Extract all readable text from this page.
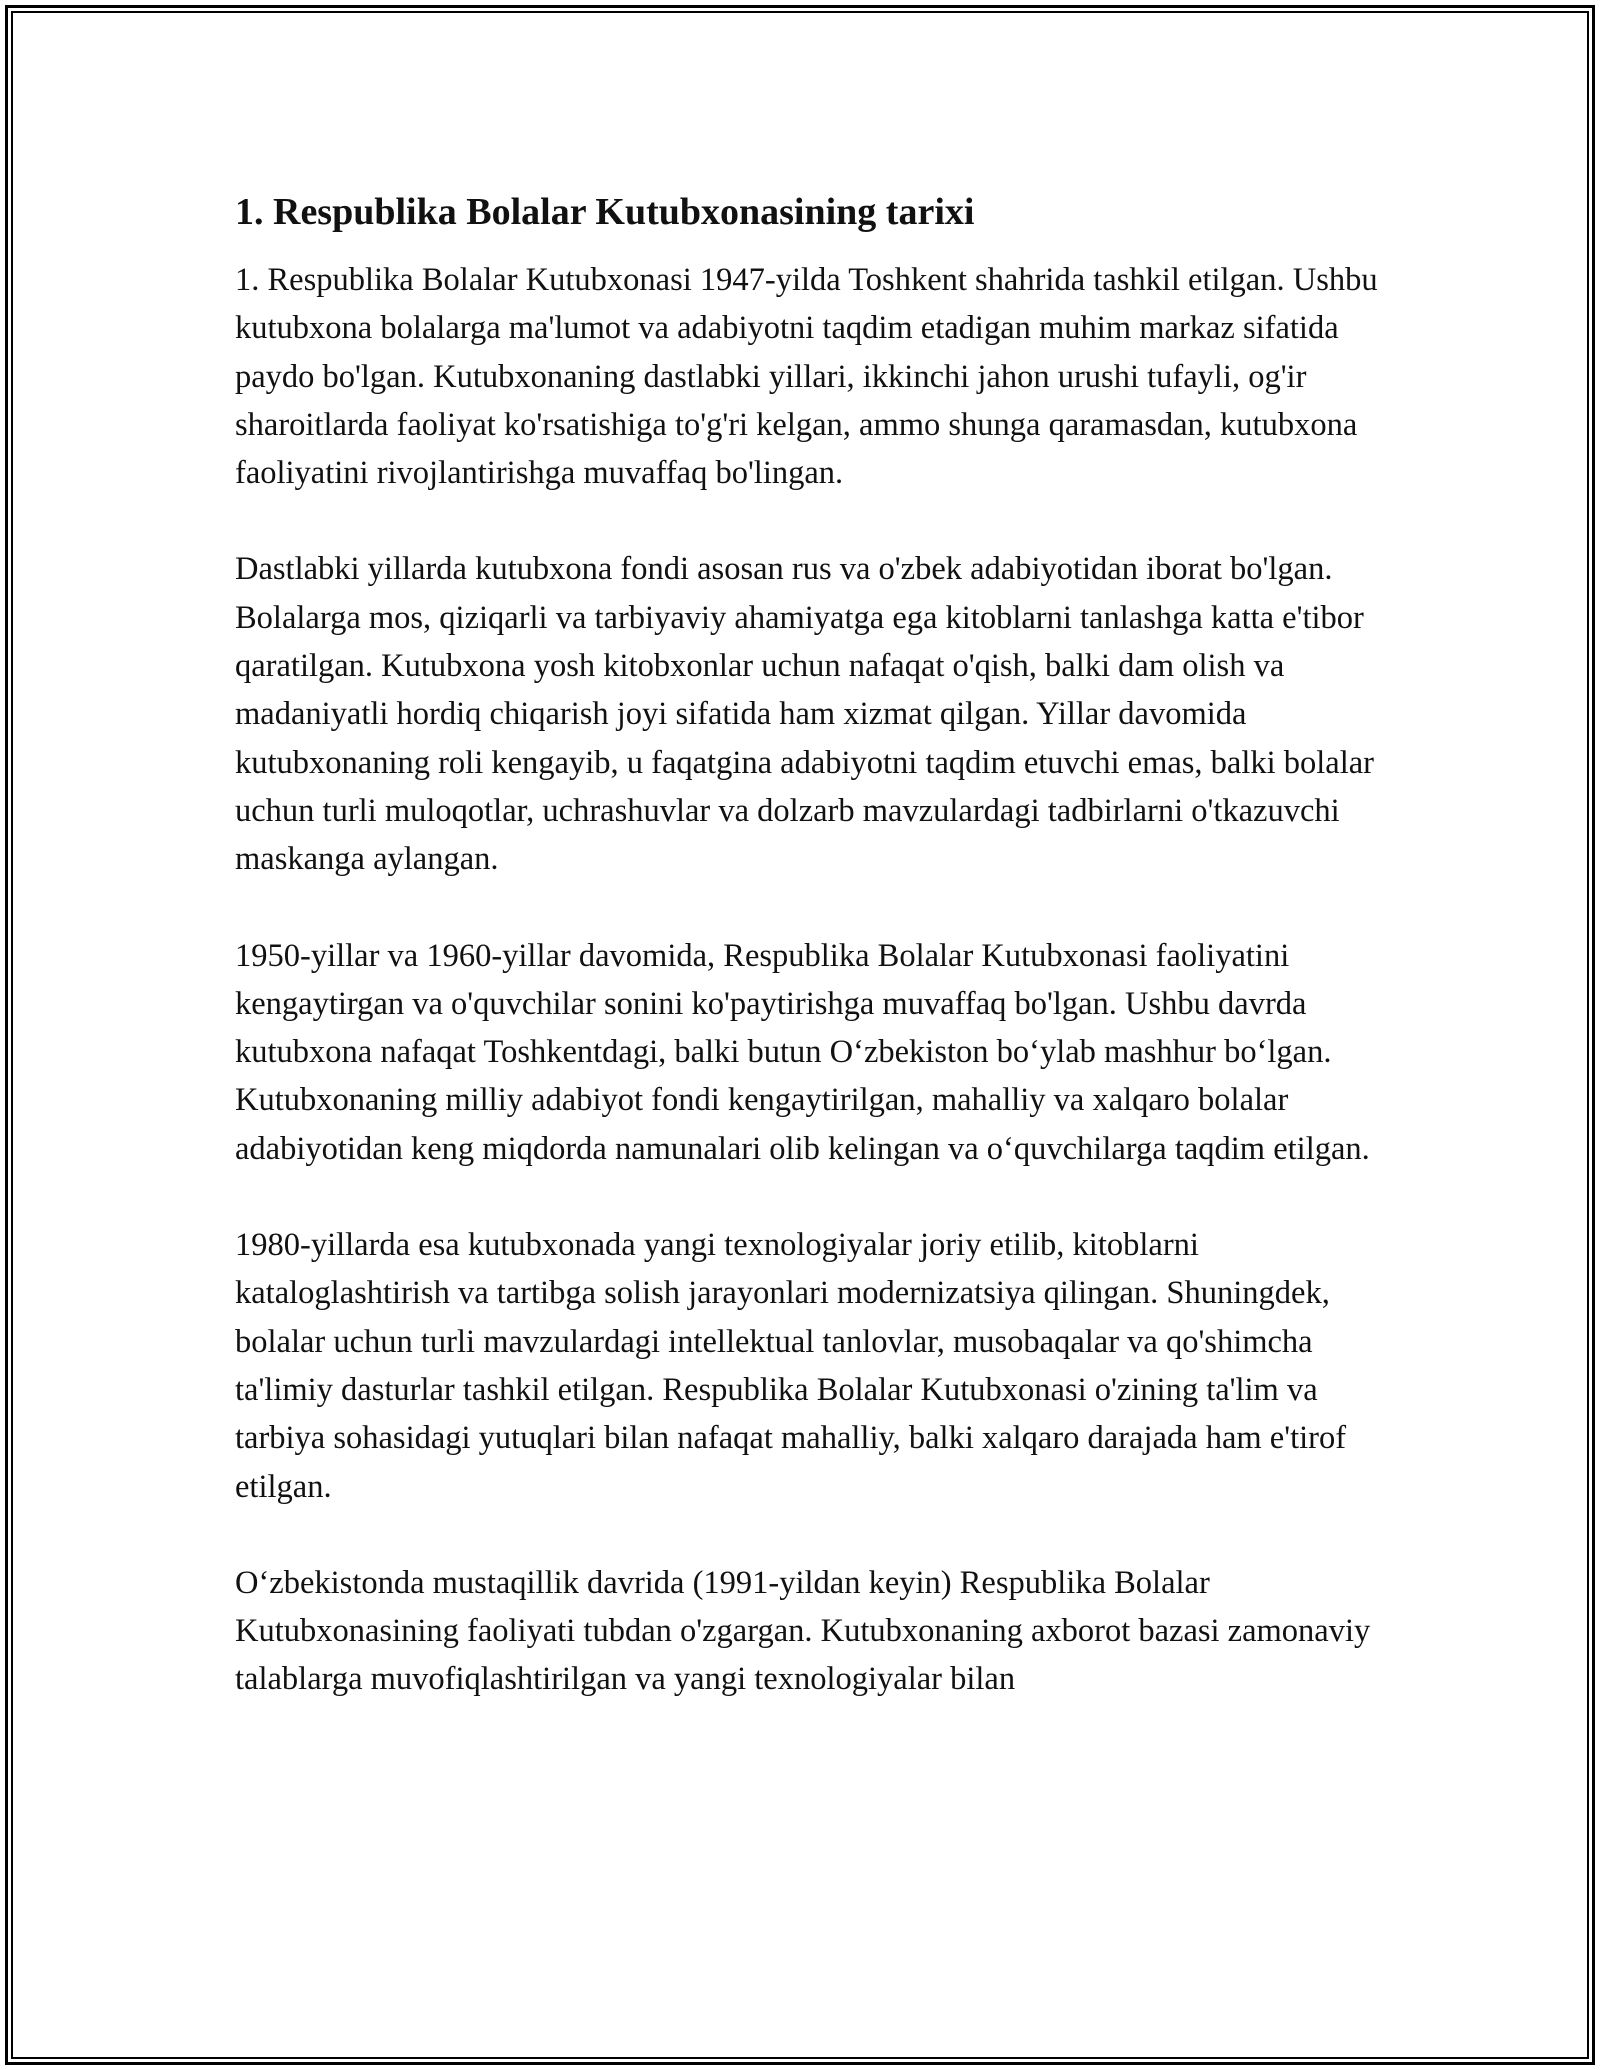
1. Respublika Bolalar Kutubxonasining tarixi

1. Respublika Bolalar Kutubxonasi 1947-yilda Toshkent shahrida tashkil etilgan. Ushbu kutubxona bolalarga ma'lumot va adabiyotni taqdim etadigan muhim markaz sifatida paydo bo'lgan. Kutubxonaning dastlabki yillari, ikkinchi jahon urushi tufayli, og'ir sharoitlarda faoliyat ko'rsatishiga to'g'ri kelgan, ammo shunga qaramasdan, kutubxona faoliyatini rivojlantirishga muvaffaq bo'lingan.

Dastlabki yillarda kutubxona fondi asosan rus va o'zbek adabiyotidan iborat bo'lgan. Bolalarga mos, qiziqarli va tarbiyaviy ahamiyatga ega kitoblarni tanlashga katta e'tibor qaratilgan. Kutubxona yosh kitobxonlar uchun nafaqat o'qish, balki dam olish va madaniyatli hordiq chiqarish joyi sifatida ham xizmat qilgan. Yillar davomida kutubxonaning roli kengayib, u faqatgina adabiyotni taqdim etuvchi emas, balki bolalar uchun turli muloqotlar, uchrashuvlar va dolzarb mavzulardagi tadbirlarni o'tkazuvchi maskanga aylangan.

1950-yillar va 1960-yillar davomida, Respublika Bolalar Kutubxonasi faoliyatini kengaytirgan va o'quvchilar sonini ko'paytirishga muvaffaq bo'lgan. Ushbu davrda kutubxona nafaqat Toshkentdagi, balki butun O‘zbekiston bo‘ylab mashhur bo‘lgan. Kutubxonaning milliy adabiyot fondi kengaytirilgan, mahalliy va xalqaro bolalar adabiyotidan keng miqdorda namunalari olib kelingan va o‘quvchilarga taqdim etilgan.

1980-yillarda esa kutubxonada yangi texnologiyalar joriy etilib, kitoblarni kataloglashtirish va tartibga solish jarayonlari modernizatsiya qilingan. Shuningdek, bolalar uchun turli mavzulardagi intellektual tanlovlar, musobaqalar va qo'shimcha ta'limiy dasturlar tashkil etilgan. Respublika Bolalar Kutubxonasi o'zining ta'lim va tarbiya sohasidagi yutuqlari bilan nafaqat mahalliy, balki xalqaro darajada ham e'tirof etilgan.

O‘zbekistonda mustaqillik davrida (1991-yildan keyin) Respublika Bolalar Kutubxonasining faoliyati tubdan o'zgargan. Kutubxonaning axborot bazasi zamonaviy talablarga muvofiqlashtirilgan va yangi texnologiyalar bilan
